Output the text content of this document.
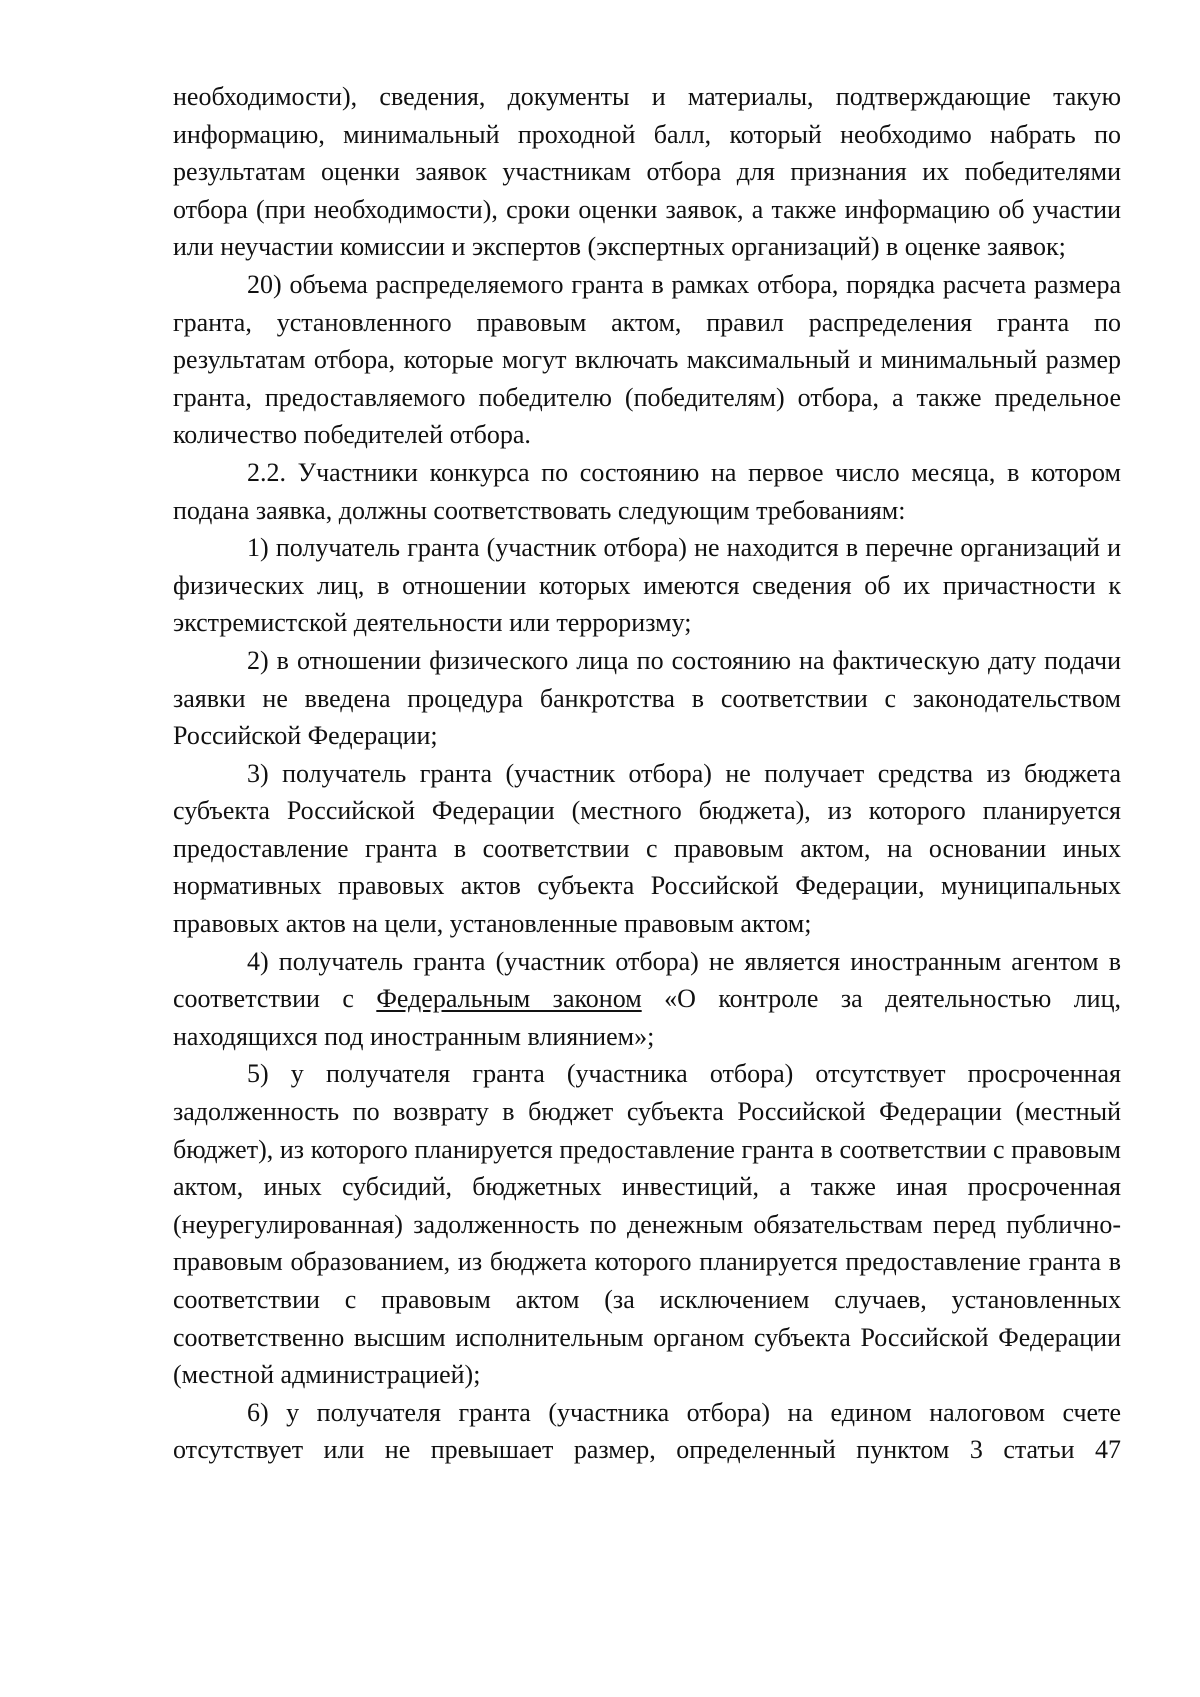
необходимости), сведения, документы и материалы, подтверждающие такую информацию, минимальный проходной балл, который необходимо набрать по результатам оценки заявок участникам отбора для признания их победителями отбора (при необходимости), сроки оценки заявок, а также информацию об участии или неучастии комиссии и экспертов (экспертных организаций) в оценке заявок;

20) объема распределяемого гранта в рамках отбора, порядка расчета размера гранта, установленного правовым актом, правил распределения гранта по результатам отбора, которые могут включать максимальный и минимальный размер гранта, предоставляемого победителю (победителям) отбора, а также предельное количество победителей отбора.

2.2. Участники конкурса по состоянию на первое число месяца, в котором подана заявка, должны соответствовать следующим требованиям:

1) получатель гранта (участник отбора) не находится в перечне организаций и физических лиц, в отношении которых имеются сведения об их причастности к экстремистской деятельности или терроризму;

2) в отношении физического лица по состоянию на фактическую дату подачи заявки не введена процедура банкротства в соответствии с законодательством Российской Федерации;

3) получатель гранта (участник отбора) не получает средства из бюджета субъекта Российской Федерации (местного бюджета), из которого планируется предоставление гранта в соответствии с правовым актом, на основании иных нормативных правовых актов субъекта Российской Федерации, муниципальных правовых актов на цели, установленные правовым актом;

4) получатель гранта (участник отбора) не является иностранным агентом в соответствии с Федеральным законом «О контроле за деятельностью лиц, находящихся под иностранным влиянием»;

5) у получателя гранта (участника отбора) отсутствует просроченная задолженность по возврату в бюджет субъекта Российской Федерации (местный бюджет), из которого планируется предоставление гранта в соответствии с правовым актом, иных субсидий, бюджетных инвестиций, а также иная просроченная (неурегулированная) задолженность по денежным обязательствам перед публично-правовым образованием, из бюджета которого планируется предоставление гранта в соответствии с правовым актом (за исключением случаев, установленных соответственно высшим исполнительным органом субъекта Российской Федерации (местной администрацией);

6) у получателя гранта (участника отбора) на едином налоговом счете отсутствует или не превышает размер, определенный пунктом 3 статьи 47
